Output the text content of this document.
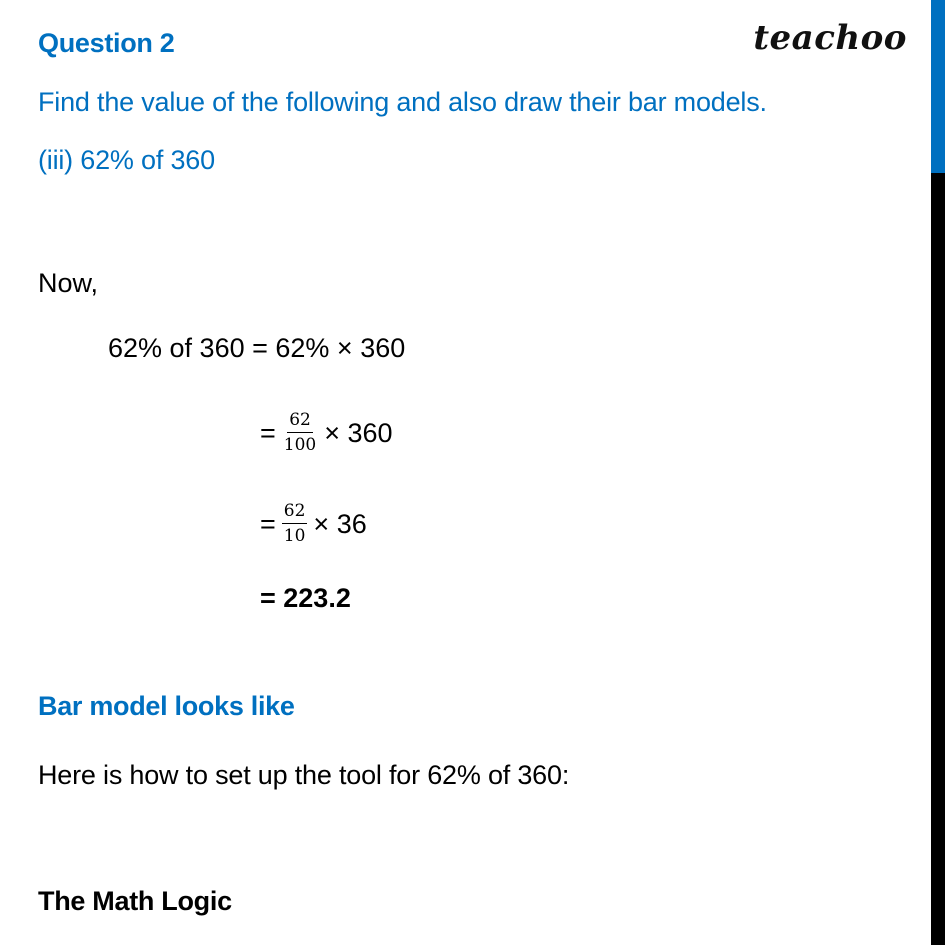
Question 2	teachoo
Find the value of the following and also draw their bar models.
(iii) 62% of 360
Now,
62% of 360 = 62% × 360
= $\frac{62}{100} \times 360$
= $\frac{62}{10} \times 36$
= 223.2
Bar model looks like
Here is how to set up the tool for 62% of 360:
The Math Logic
